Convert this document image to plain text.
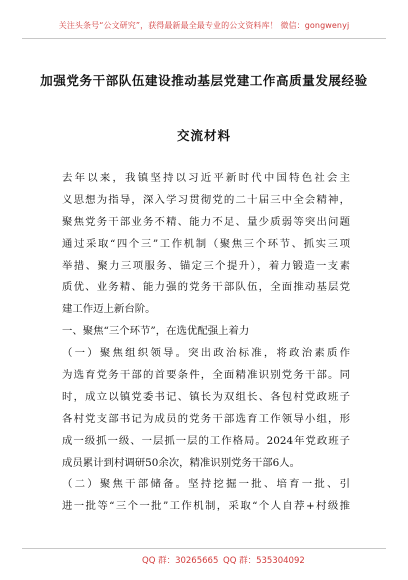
关注头条号“公文研究”，获得最新最全最专业的公文资料库！ 微信：gongwenyj
加强党务干部队伍建设推动基层党建工作高质量发展经验
交流材料
去年以来，我镇坚持以习近平新时代中国特色社会主
义思想为指导，深入学习贯彻党的二十届三中全会精神，
聚焦党务干部业务不精、能力不足、量少质弱等突出问题
通过采取“四个三”工作机制（聚焦三个环节、抓实三项
举措、聚力三项服务、锚定三个提升），着力锻造一支素
质优、业务精、能力强的党务干部队伍，全面推动基层党
建工作迈上新台阶。
一、聚焦“三个环节”，在选优配强上着力
（一）聚焦组织领导。突出政治标准，将政治素质作
为选育党务干部的首要条件，全面精准识别党务干部。同
时，成立以镇党委书记、镇长为双组长、各包村党政班子
各村党支部书记为成员的党务干部选育工作领导小组，形
成一级抓一级、一层抓一层的工作格局。2024年党政班子
成员累计到村调研50余次，精准识别党务干部6人。
（二）聚焦干部储备。坚持挖掘一批、培育一批、引
进一批等“三个一批”工作机制，采取“个人自荐+村级推
QQ 群：30265665 QQ 群：535304092
